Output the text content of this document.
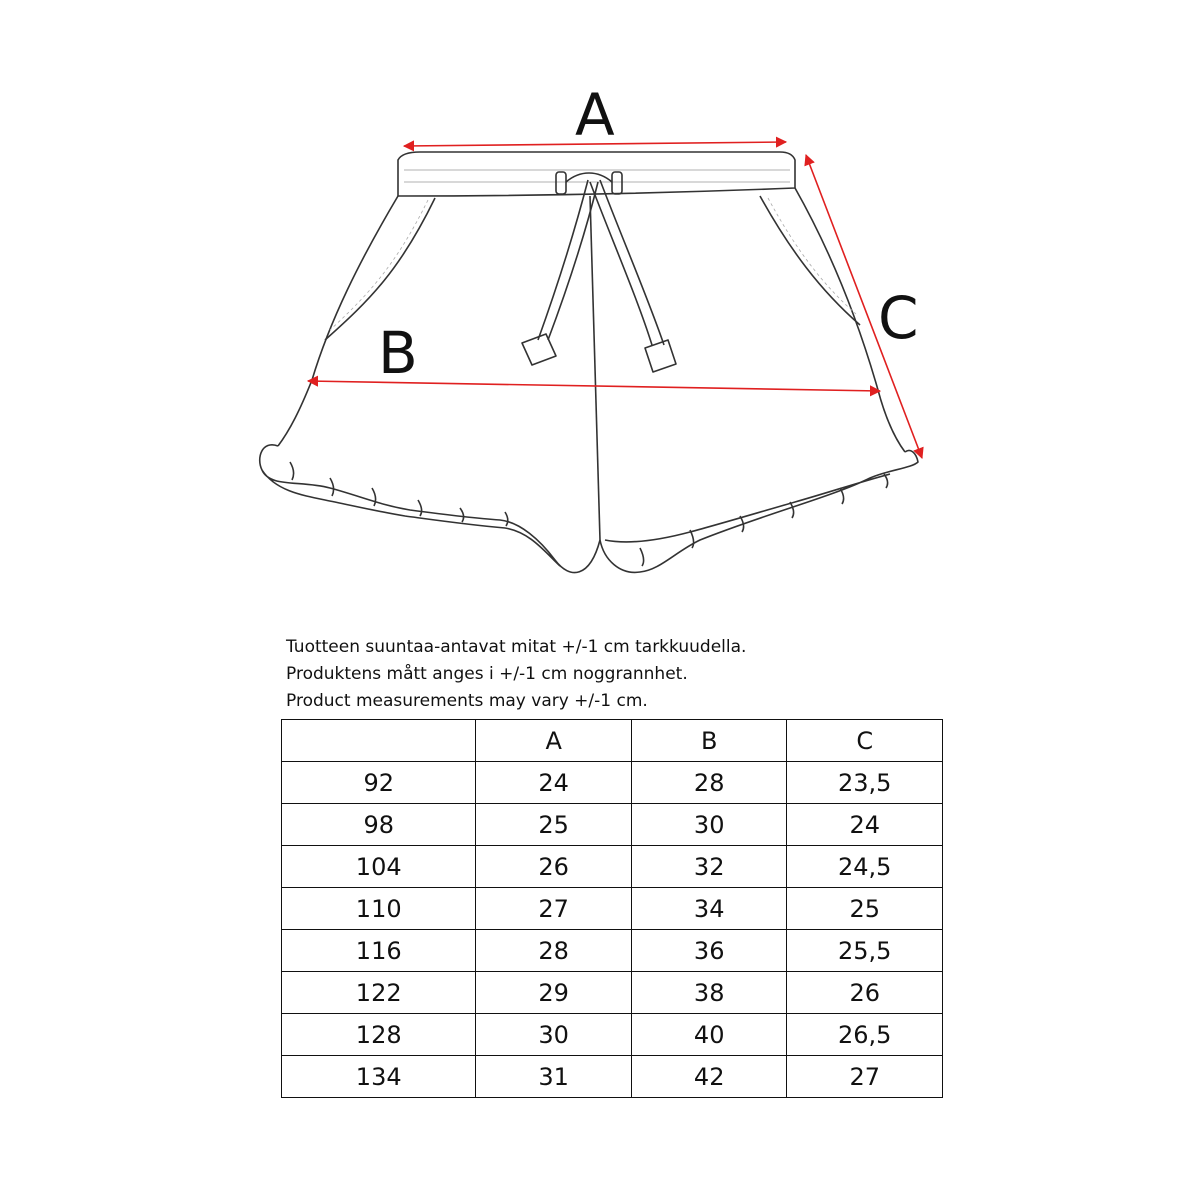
A
B
C
Tuotteen suuntaa-antavat mitat +/-1 cm tarkkuudella.
Produktens mått anges i +/-1 cm noggrannhet.
Product measurements may vary +/-1 cm.
	A	B	C
92	24	28	23,5
98	25	30	24
104	26	32	24,5
110	27	34	25
116	28	36	25,5
122	29	38	26
128	30	40	26,5
134	31	42	27
